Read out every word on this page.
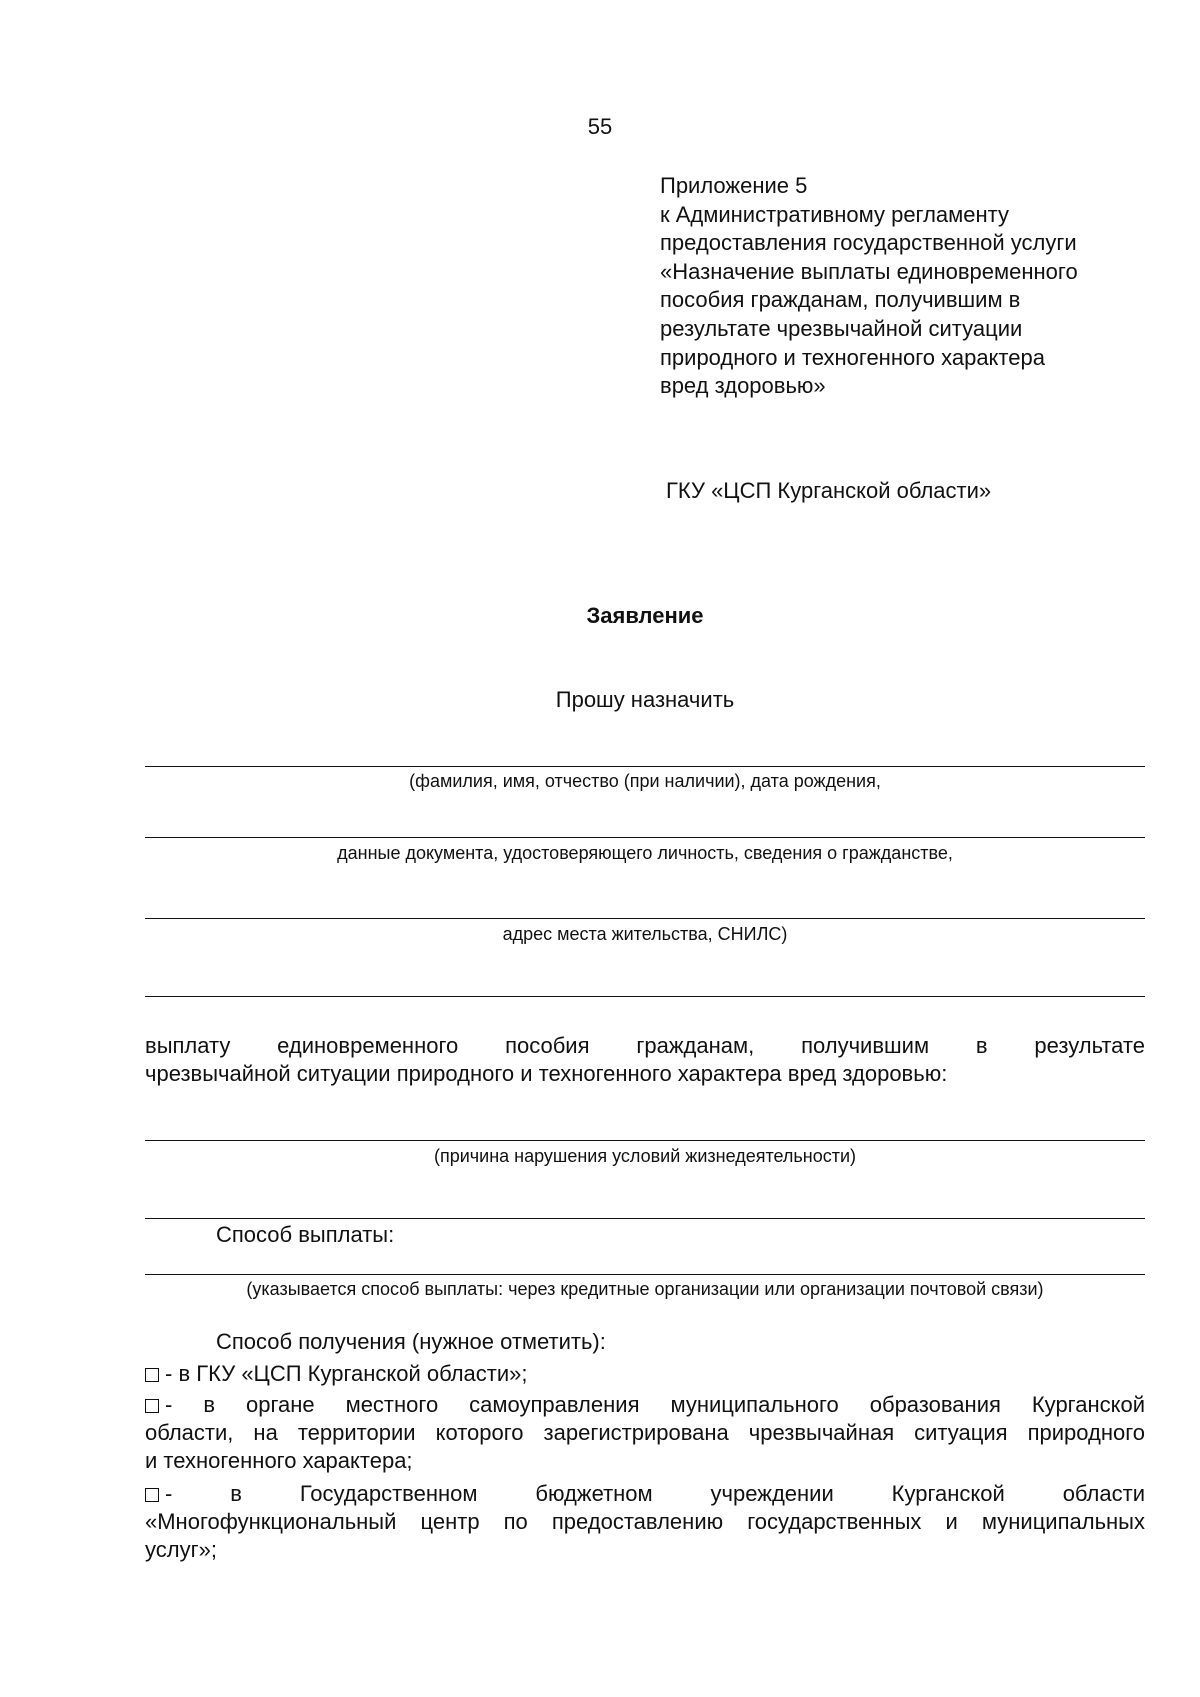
55
Приложение 5
к Административному регламенту
предоставления государственной услуги
«Назначение выплаты единовременного
пособия гражданам, получившим в
результате чрезвычайной ситуации
природного и техногенного характера
вред здоровью»
ГКУ «ЦСП Курганской области»
Заявление
Прошу назначить
(фамилия, имя, отчество (при наличии), дата рождения,
данные документа, удостоверяющего личность, сведения о гражданстве,
адрес места жительства, СНИЛС)
выплату единовременного пособия гражданам, получившим в результате
чрезвычайной ситуации природного и техногенного характера вред здоровью:
(причина нарушения условий жизнедеятельности)
Способ выплаты:
(указывается способ выплаты: через кредитные организации или организации почтовой связи)
Способ получения (нужное отметить):
- в ГКУ «ЦСП Курганской области»;
- в органе местного самоуправления муниципального образования Курганской
области, на территории которого зарегистрирована чрезвычайная ситуация природного
и техногенного характера;
-	в Государственном бюджетном учреждении Курганской области
«Многофункциональный центр по предоставлению государственных и муниципальных
услуг»;
